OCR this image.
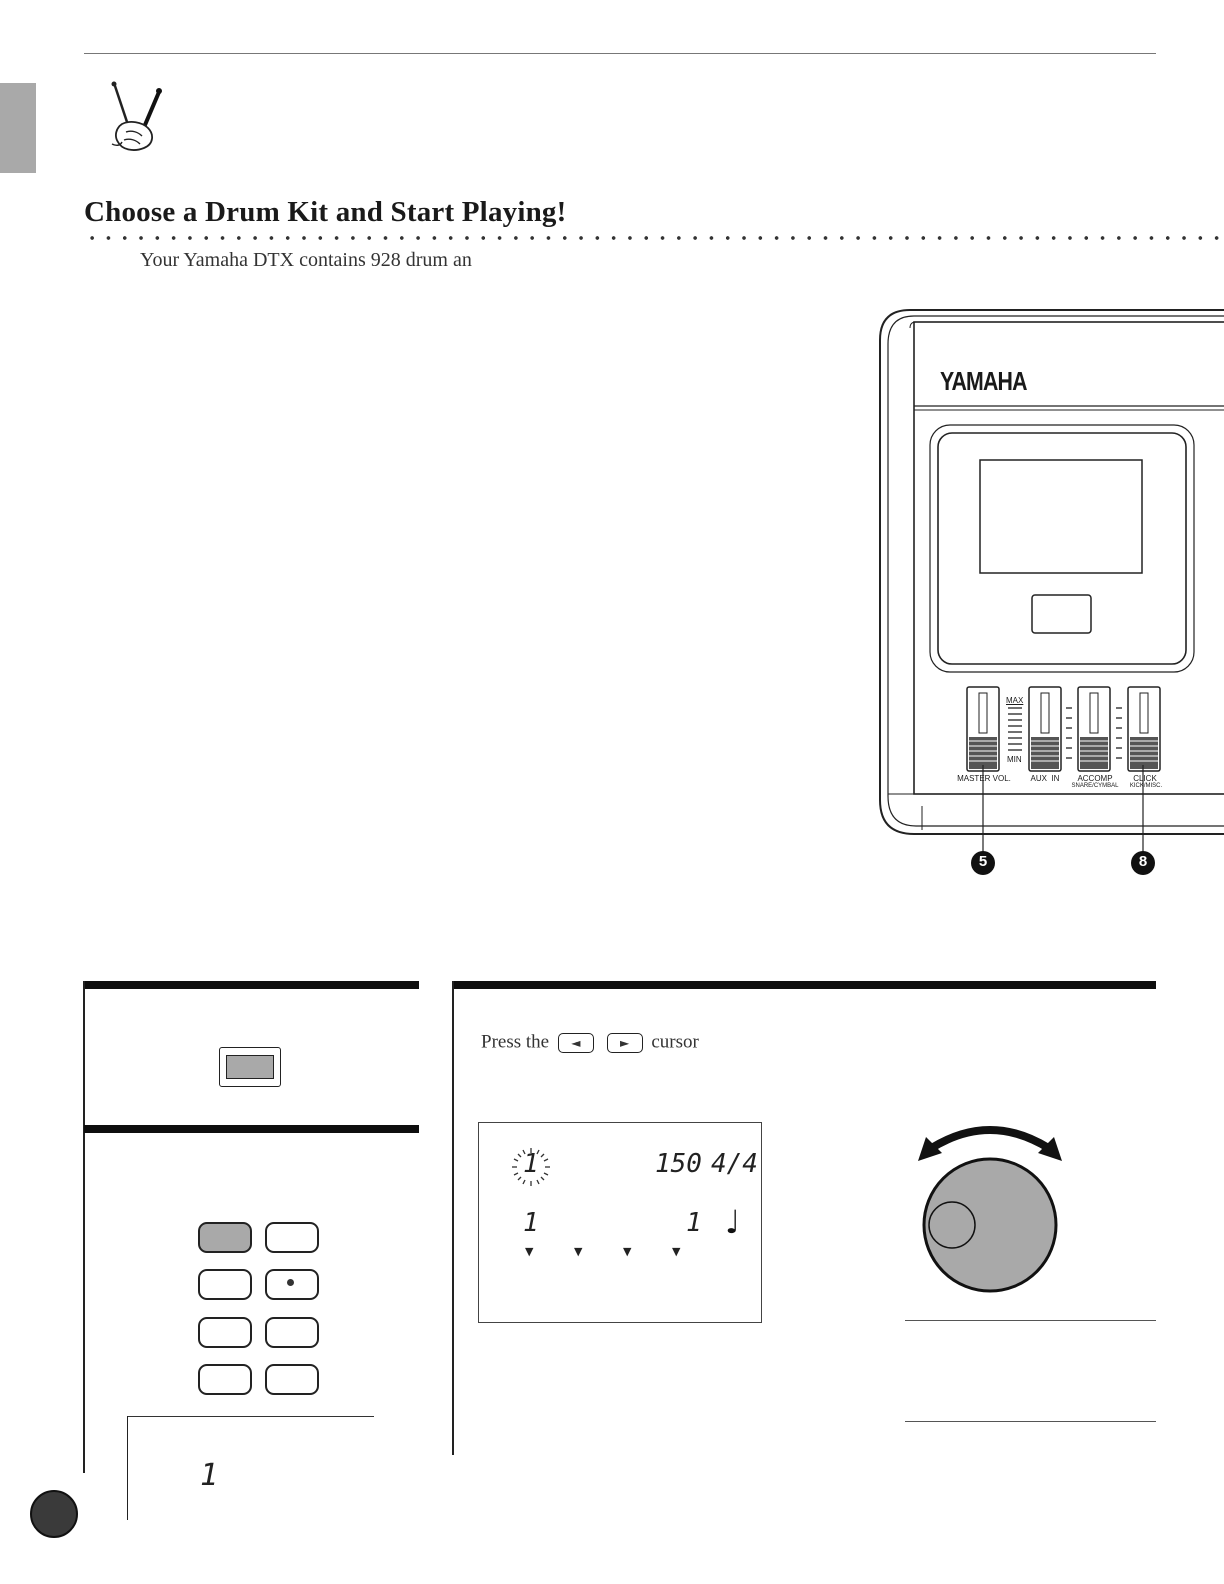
Choose a Drum Kit and Start Playing!
Your Yamaha DTX contains 928 drum an
YAMAHA
MAX
MIN
MASTER VOL.	AUX  IN	ACCOMP
SNARE/CYMBAL
CLICK
KICK/MISC.
5	8
1
Press the ◄	► cursor
1	150 4/4
1	1 ♩
▼	▼	▼	▼
